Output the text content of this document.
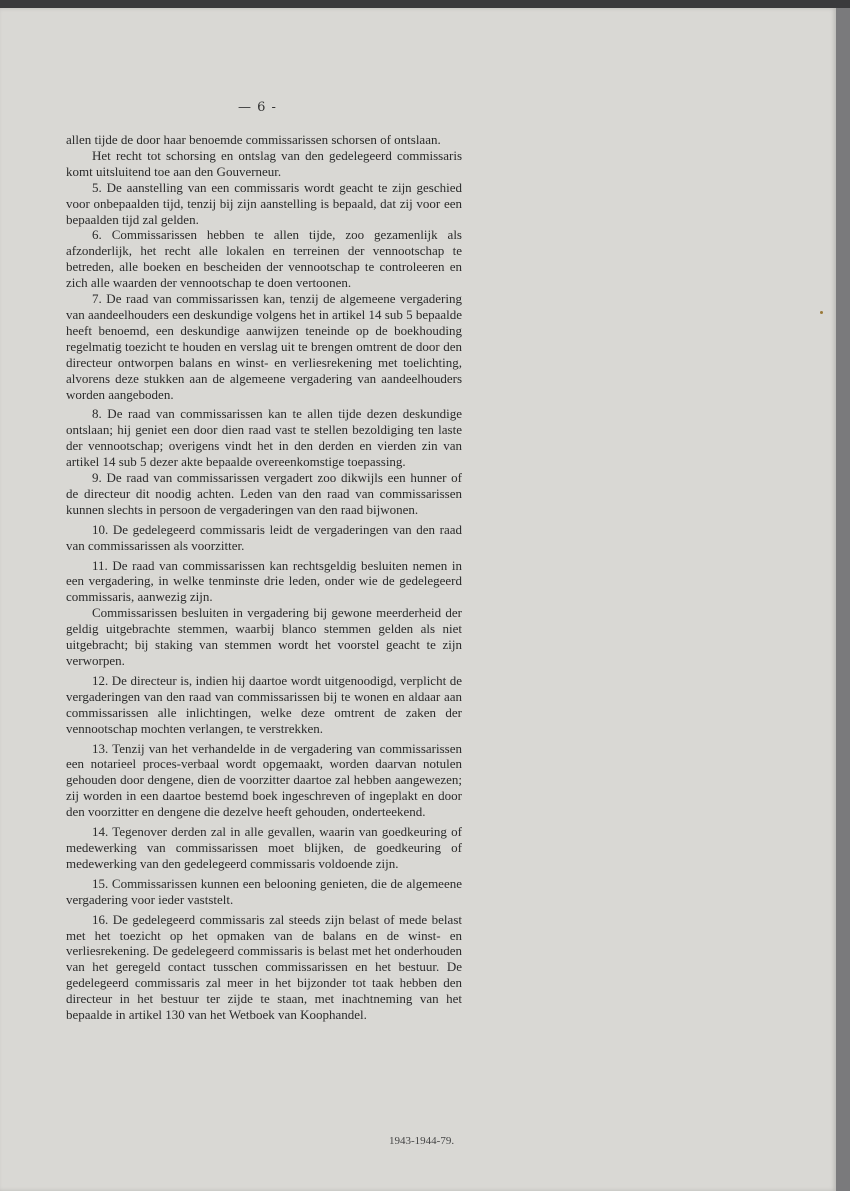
— 6 -

allen tijde de door haar benoemde commissarissen schorsen of ontslaan.

Het recht tot schorsing en ontslag van den gedelegeerd commissaris komt uitsluitend toe aan den Gouverneur.

5. De aanstelling van een commissaris wordt geacht te zijn geschied voor onbepaalden tijd, tenzij bij zijn aanstelling is bepaald, dat zij voor een bepaalden tijd zal gelden.

6. Commissarissen hebben te allen tijde, zoo gezamenlijk als afzonderlijk, het recht alle lokalen en terreinen der vennootschap te betreden, alle boeken en bescheiden der vennootschap te controleeren en zich alle waarden der vennootschap te doen vertoonen.

7. De raad van commissarissen kan, tenzij de algemeene vergadering van aandeelhouders een deskundige volgens het in artikel 14 sub 5 bepaalde heeft benoemd, een deskundige aanwijzen teneinde op de boekhouding regelmatig toezicht te houden en verslag uit te brengen omtrent de door den directeur ontworpen balans en winst- en verliesrekening met toelichting, alvorens deze stukken aan de algemeene vergadering van aandeelhouders worden aangeboden.

8. De raad van commissarissen kan te allen tijde dezen deskundige ontslaan; hij geniet een door dien raad vast te stellen bezoldiging ten laste der vennootschap; overigens vindt het in den derden en vierden zin van artikel 14 sub 5 dezer akte bepaalde overeenkomstige toepassing.

9. De raad van commissarissen vergadert zoo dikwijls een hunner of de directeur dit noodig achten. Leden van den raad van commissarissen kunnen slechts in persoon de vergaderingen van den raad bijwonen.

10. De gedelegeerd commissaris leidt de vergaderingen van den raad van commissarissen als voorzitter.

11. De raad van commissarissen kan rechtsgeldig besluiten nemen in een vergadering, in welke tenminste drie leden, onder wie de gedelegeerd commissaris, aanwezig zijn.

Commissarissen besluiten in vergadering bij gewone meerderheid der geldig uitgebrachte stemmen, waarbij blanco stemmen gelden als niet uitgebracht; bij staking van stemmen wordt het voorstel geacht te zijn verworpen.

12. De directeur is, indien hij daartoe wordt uitgenoodigd, verplicht de vergaderingen van den raad van commissarissen bij te wonen en aldaar aan commissarissen alle inlichtingen, welke deze omtrent de zaken der vennootschap mochten verlangen, te verstrekken.

13. Tenzij van het verhandelde in de vergadering van commissarissen een notarieel proces-verbaal wordt opgemaakt, worden daarvan notulen gehouden door dengene, dien de voorzitter daartoe zal hebben aangewezen; zij worden in een daartoe bestemd boek ingeschreven of ingeplakt en door den voorzitter en dengene die dezelve heeft gehouden, onderteekend.

14. Tegenover derden zal in alle gevallen, waarin van goedkeuring of medewerking van commissarissen moet blijken, de goedkeuring of medewerking van den gedelegeerd commissaris voldoende zijn.

15. Commissarissen kunnen een belooning genieten, die de algemeene vergadering voor ieder vaststelt.

16. De gedelegeerd commissaris zal steeds zijn belast of mede belast met het toezicht op het opmaken van de balans en de winst- en verliesrekening. De gedelegeerd commissaris is belast met het onderhouden van het geregeld contact tusschen commissarissen en het bestuur. De gedelegeerd commissaris zal meer in het bijzonder tot taak hebben den directeur in het bestuur ter zijde te staan, met inachtneming van het bepaalde in artikel 130 van het Wetboek van Koophandel.

1943-1944-79.
